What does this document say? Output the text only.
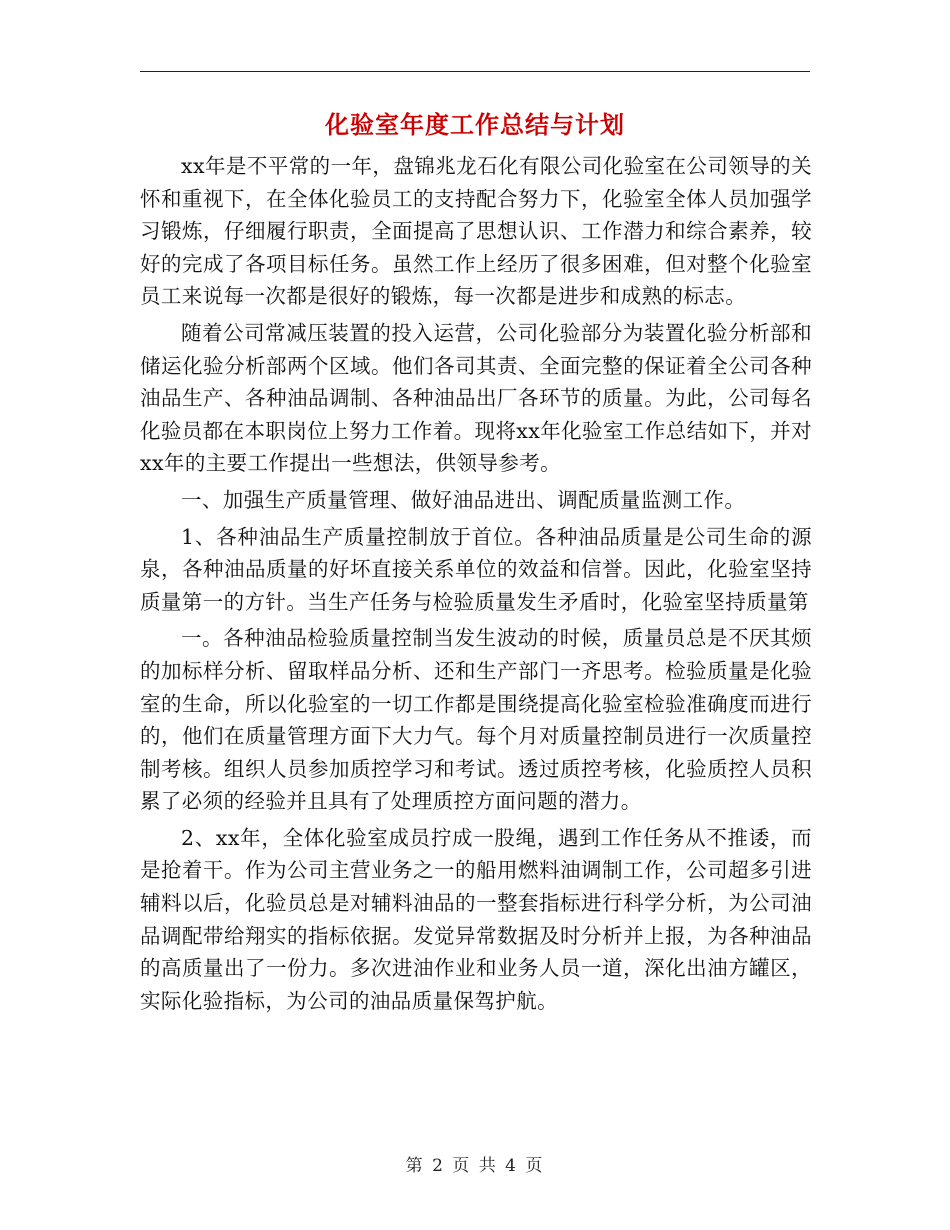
化验室年度工作总结与计划

xx年是不平常的一年，盘锦兆龙石化有限公司化验室在公司领导的关怀和重视下，在全体化验员工的支持配合努力下，化验室全体人员加强学习锻炼，仔细履行职责，全面提高了思想认识、工作潜力和综合素养，较好的完成了各项目标任务。虽然工作上经历了很多困难，但对整个化验室员工来说每一次都是很好的锻炼，每一次都是进步和成熟的标志。

随着公司常减压装置的投入运营，公司化验部分为装置化验分析部和储运化验分析部两个区域。他们各司其责、全面完整的保证着全公司各种油品生产、各种油品调制、各种油品出厂各环节的质量。为此，公司每名化验员都在本职岗位上努力工作着。现将xx年化验室工作总结如下，并对xx年的主要工作提出一些想法，供领导参考。

一、加强生产质量管理、做好油品进出、调配质量监测工作。

1、各种油品生产质量控制放于首位。各种油品质量是公司生命的源泉，各种油品质量的好坏直接关系单位的效益和信誉。因此，化验室坚持质量第一的方针。当生产任务与检验质量发生矛盾时，化验室坚持质量第

一。各种油品检验质量控制当发生波动的时候，质量员总是不厌其烦的加标样分析、留取样品分析、还和生产部门一齐思考。检验质量是化验室的生命，所以化验室的一切工作都是围绕提高化验室检验准确度而进行的，他们在质量管理方面下大力气。每个月对质量控制员进行一次质量控制考核。组织人员参加质控学习和考试。透过质控考核，化验质控人员积累了必须的经验并且具有了处理质控方面问题的潜力。

2、xx年，全体化验室成员拧成一股绳，遇到工作任务从不推诿，而是抢着干。作为公司主营业务之一的船用燃料油调制工作，公司超多引进辅料以后，化验员总是对辅料油品的一整套指标进行科学分析，为公司油品调配带给翔实的指标依据。发觉异常数据及时分析并上报，为各种油品的高质量出了一份力。多次进油作业和业务人员一道，深化出油方罐区，实际化验指标，为公司的油品质量保驾护航。

第 2 页 共 4 页
